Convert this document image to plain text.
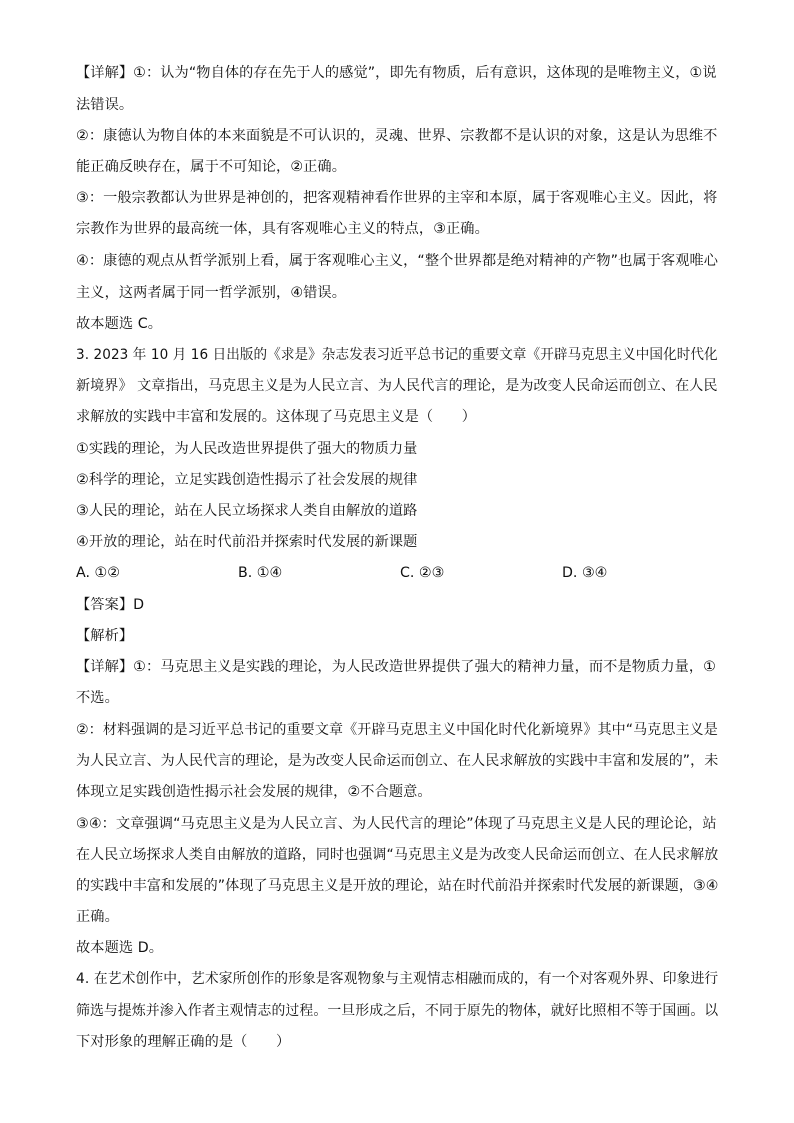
【详解】①：认为“物自体的存在先于人的感觉”，即先有物质，后有意识，这体现的是唯物主义，①说
法错误。
②：康德认为物自体的本来面貌是不可认识的，灵魂、世界、宗教都不是认识的对象，这是认为思维不
能正确反映存在，属于不可知论，②正确。
③：一般宗教都认为世界是神创的，把客观精神看作世界的主宰和本原，属于客观唯心主义。因此，将
宗教作为世界的最高统一体，具有客观唯心主义的特点，③正确。
④：康德的观点从哲学派别上看，属于客观唯心主义，“整个世界都是绝对精神的产物”也属于客观唯心
主义，这两者属于同一哲学派别，④错误。
故本题选 C。
3. 2023 年 10 月 16 日出版的《求是》杂志发表习近平总书记的重要文章《开辟马克思主义中国化时代化
新境界》 文章指出，马克思主义是为人民立言、为人民代言的理论，是为改变人民命运而创立、在人民
求解放的实践中丰富和发展的。这体现了马克思主义是（　　）
①实践的理论，为人民改造世界提供了强大的物质力量
②科学的理论，立足实践创造性揭示了社会发展的规律
③人民的理论，站在人民立场探求人类自由解放的道路
④开放的理论，站在时代前沿并探索时代发展的新课题
A. ①②	B. ①④	C. ②③	D. ③④
【答案】D
【解析】
【详解】①：马克思主义是实践的理论，为人民改造世界提供了强大的精神力量，而不是物质力量，①
不选。
②：材料强调的是习近平总书记的重要文章《开辟马克思主义中国化时代化新境界》其中“马克思主义是
为人民立言、为人民代言的理论，是为改变人民命运而创立、在人民求解放的实践中丰富和发展的”，未
体现立足实践创造性揭示社会发展的规律，②不合题意。
③④：文章强调“马克思主义是为人民立言、为人民代言的理论”体现了马克思主义是人民的理论论，站
在人民立场探求人类自由解放的道路，同时也强调“马克思主义是为改变人民命运而创立、在人民求解放
的实践中丰富和发展的”体现了马克思主义是开放的理论，站在时代前沿并探索时代发展的新课题，③④
正确。
故本题选 D。
4. 在艺术创作中，艺术家所创作的形象是客观物象与主观情志相融而成的，有一个对客观外界、印象进行
筛选与提炼并渗入作者主观情志的过程。一旦形成之后，不同于原先的物体，就好比照相不等于国画。以
下对形象的理解正确的是（　　）
